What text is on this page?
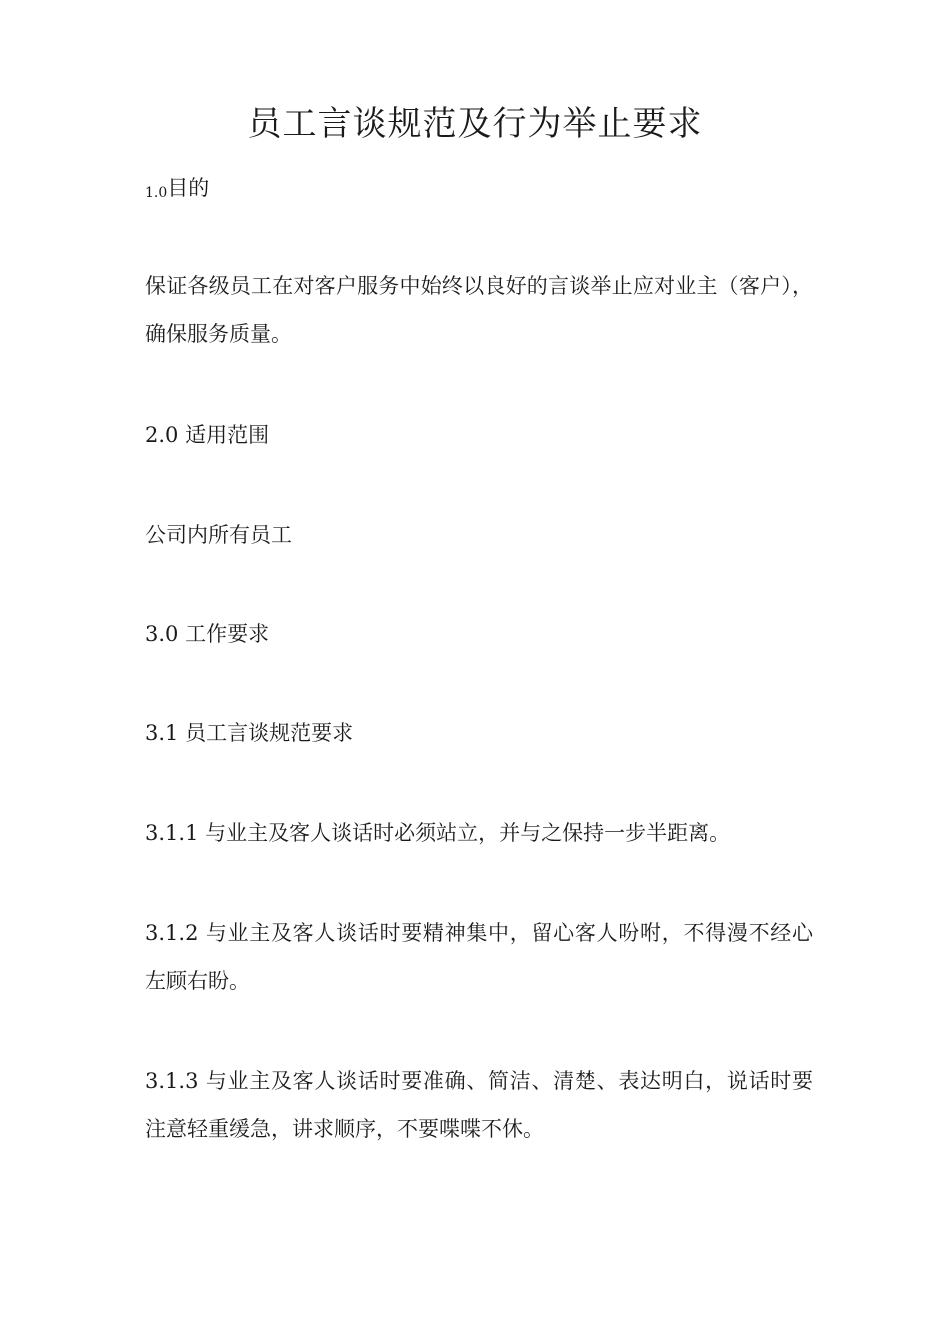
员工言谈规范及行为举止要求
1.0目的
保证各级员工在对客户服务中始终以良好的言谈举止应对业主（客户），确保服务质量。
2.0 适用范围
公司内所有员工
3.0 工作要求
3.1 员工言谈规范要求
3.1.1 与业主及客人谈话时必须站立，并与之保持一步半距离。
3.1.2 与业主及客人谈话时要精神集中，留心客人吩咐，不得漫不经心左顾右盼。
3.1.3 与业主及客人谈话时要准确、简洁、清楚、表达明白，说话时要注意轻重缓急，讲求顺序，不要喋喋不休。
